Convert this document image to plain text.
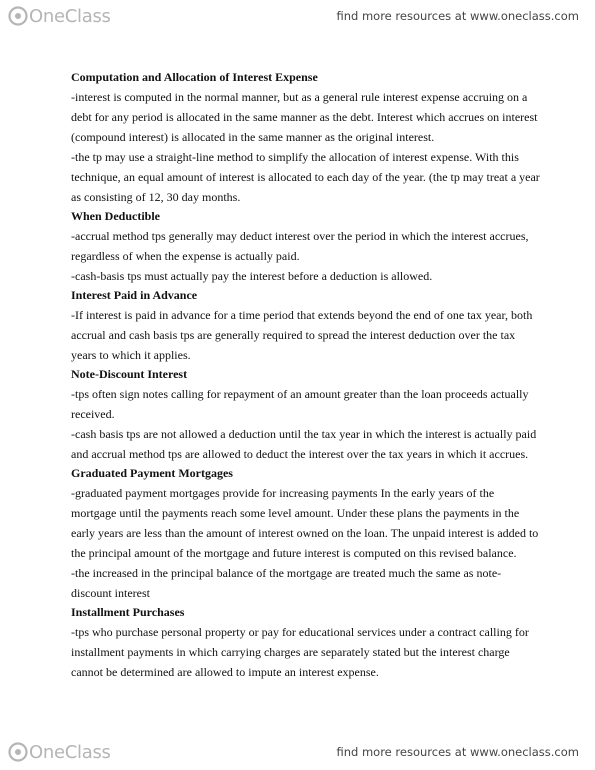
OneClass	find more resources at www.oneclass.com
Computation and Allocation of Interest Expense

-interest is computed in the normal manner, but as a general rule interest expense accruing on a debt for any period is allocated in the same manner as the debt. Interest which accrues on interest (compound interest) is allocated in the same manner as the original interest.

-the tp may use a straight-line method to simplify the allocation of interest expense. With this technique, an equal amount of interest is allocated to each day of the year. (the tp may treat a year as consisting of 12, 30 day months.

When Deductible

-accrual method tps generally may deduct interest over the period in which the interest accrues, regardless of when the expense is actually paid.

-cash-basis tps must actually pay the interest before a deduction is allowed.

Interest Paid in Advance

-If interest is paid in advance for a time period that extends beyond the end of one tax year, both accrual and cash basis tps are generally required to spread the interest deduction over the tax years to which it applies.

Note-Discount Interest

-tps often sign notes calling for repayment of an amount greater than the loan proceeds actually received.

-cash basis tps are not allowed a deduction until the tax year in which the interest is actually paid and accrual method tps are allowed to deduct the interest over the tax years in which it accrues.

Graduated Payment Mortgages

-graduated payment mortgages provide for increasing payments In the early years of the mortgage until the payments reach some level amount. Under these plans the payments in the early years are less than the amount of interest owned on the loan. The unpaid interest is added to the principal amount of the mortgage and future interest is computed on this revised balance.

-the increased in the principal balance of the mortgage are treated much the same as note-discount interest

Installment Purchases

-tps who purchase personal property or pay for educational services under a contract calling for installment payments in which carrying charges are separately stated but the interest charge cannot be determined are allowed to impute an interest expense.

OneClass	find more resources at www.oneclass.com
